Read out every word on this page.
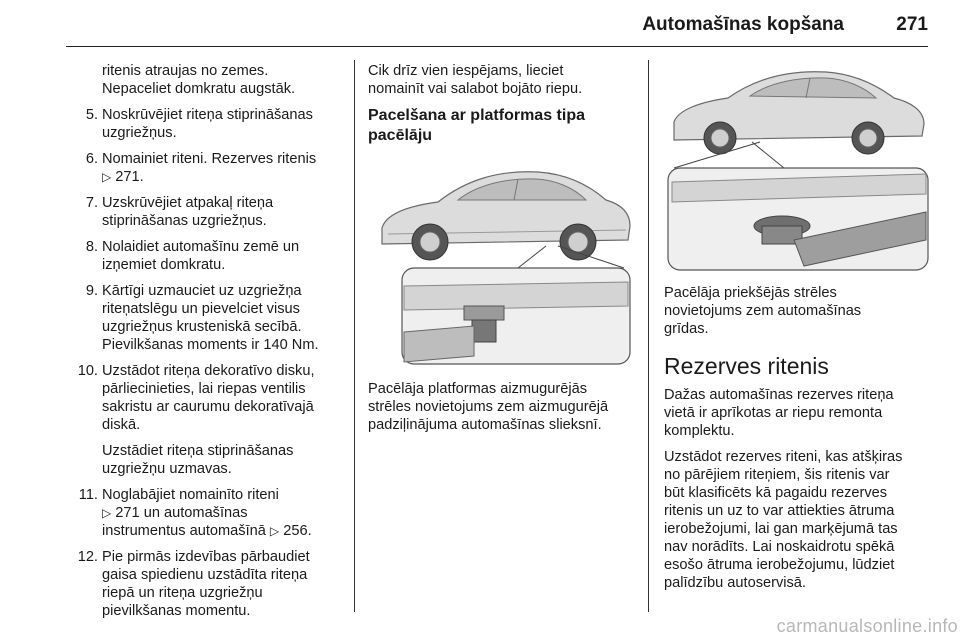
Automašīnas kopšana	271
ritenis atraujas no zemes.
Nepaceliet domkratu augstāk.
5. Noskrūvējiet riteņa stiprināšanas
uzgriežņus.
6. Nomainiet riteni. Rezerves ritenis
▷ 271.
7. Uzskrūvējiet atpakaļ riteņa
stiprināšanas uzgriežņus.
8. Nolaidiet automašīnu zemē un
izņemiet domkratu.
9. Kārtīgi uzmauciet uz uzgriežņa
riteņatslēgu un pievelciet visus
uzgriežņus krusteniskā secībā.
Pievilkšanas moments ir 140 Nm.
10. Uzstādot riteņa dekoratīvo disku,
pārliecinieties, lai riepas ventilis
sakristu ar caurumu dekoratīvajā
diskā.
Uzstādiet riteņa stiprināšanas
uzgriežņu uzmavas.
11. Noglabājiet nomainīto riteni
▷ 271 un automašīnas
instrumentus automašīnā ▷ 256.
12. Pie pirmās izdevības pārbaudiet
gaisa spiedienu uzstādīta riteņa
riepā un riteņa uzgriežņu
pievilkšanas momentu.
Cik drīz vien iespējams, lieciet
nomainīt vai salabot bojāto riepu.
Pacelšana ar platformas tipa
pacēlāju
Pacēlāja platformas aizmugurējās
strēles novietojums zem aizmugurējā
padziļinājuma automašīnas slieksnī.
Pacēlāja priekšējās strēles
novietojums zem automašīnas
grīdas.
Rezerves ritenis
Dažas automašīnas rezerves riteņa
vietā ir aprīkotas ar riepu remonta
komplektu.
Uzstādot rezerves riteni, kas atšķiras
no pārējiem riteņiem, šis ritenis var
būt klasificēts kā pagaidu rezerves
ritenis un uz to var attiekties ātruma
ierobežojumi, lai gan marķējumā tas
nav norādīts. Lai noskaidrotu spēkā
esošo ātruma ierobežojumu, lūdziet
palīdzību autoservisā.
carmanualsonline.info
